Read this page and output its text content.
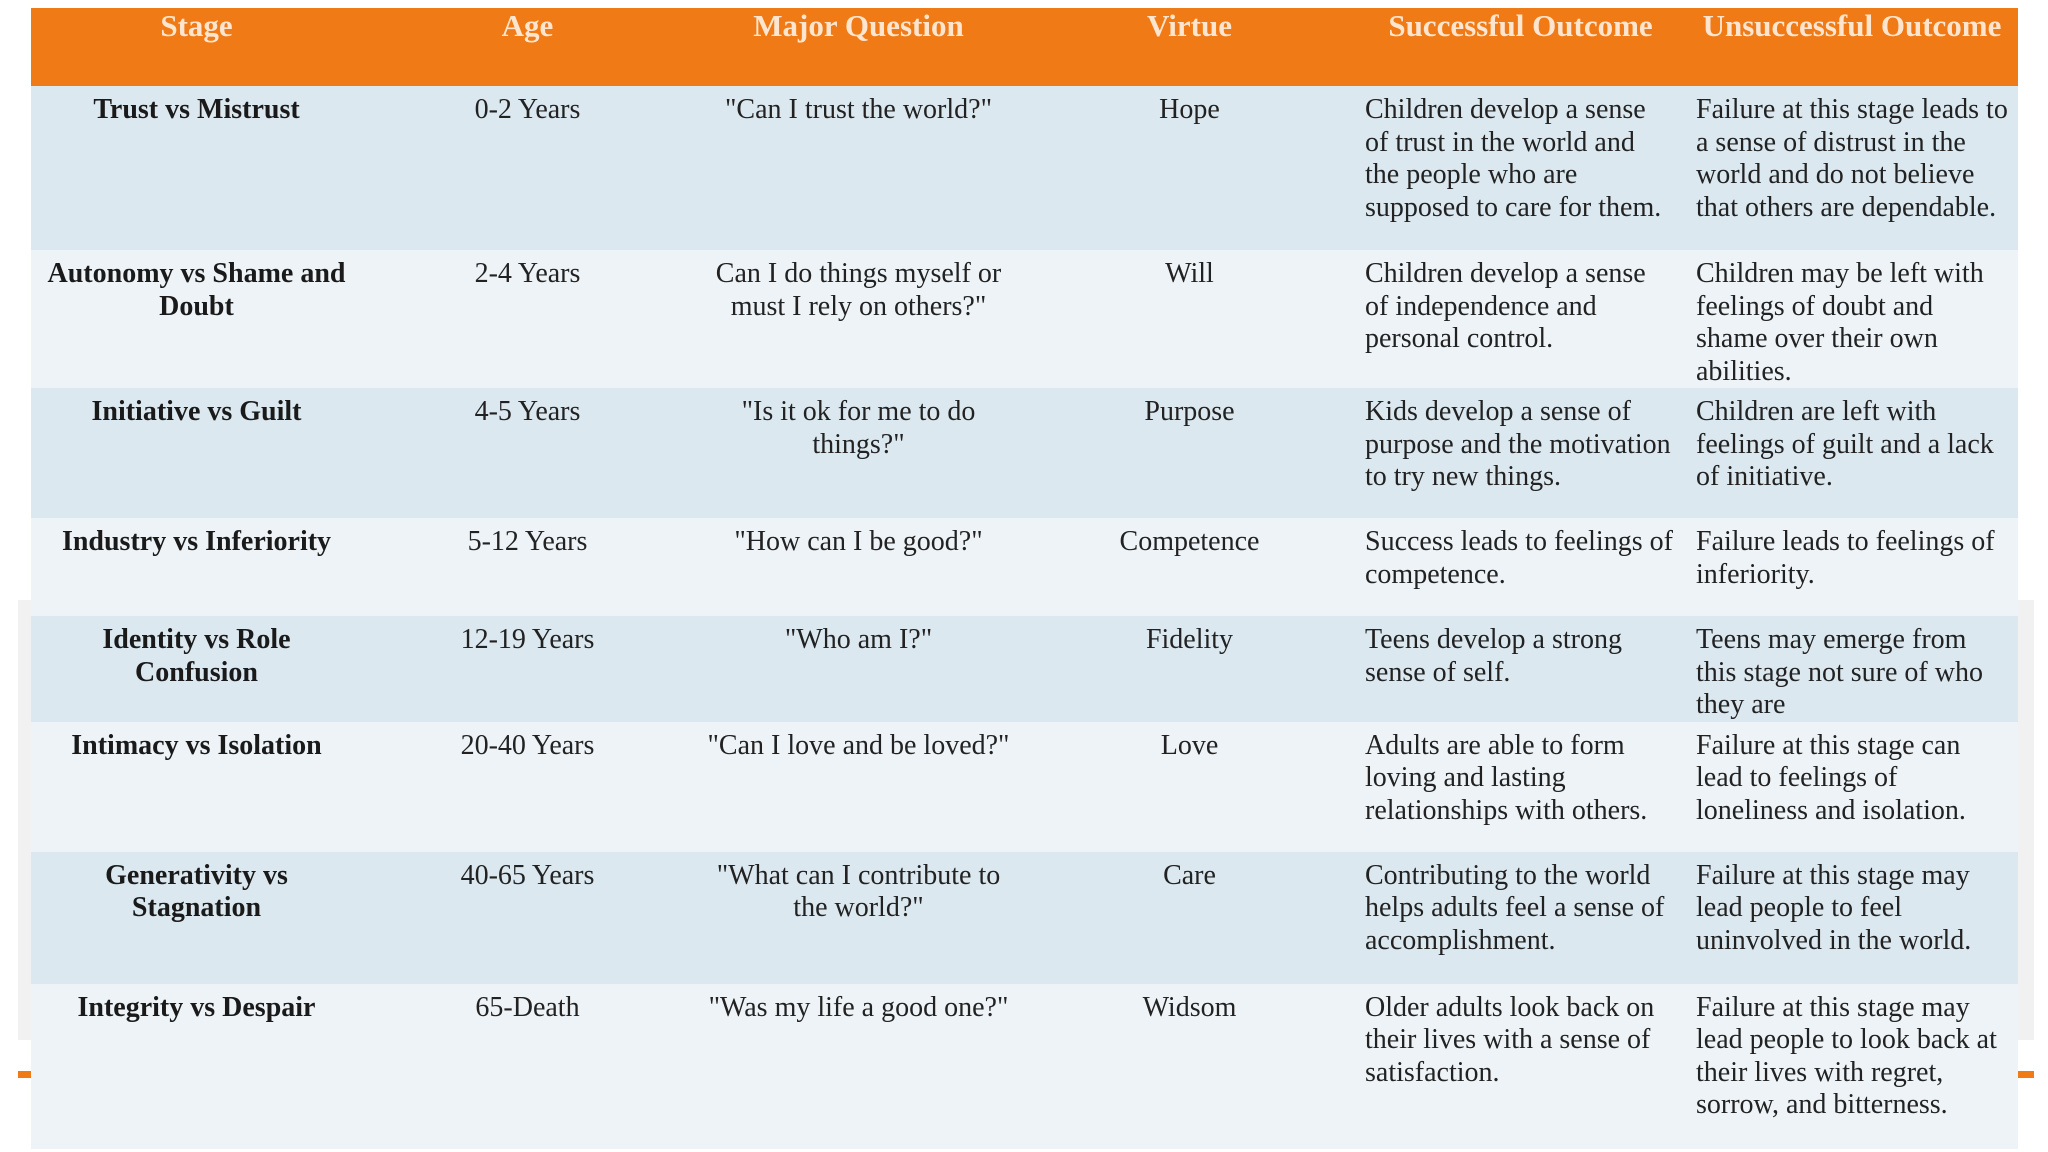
Stage	Age	Major Question	Virtue	Successful Outcome	Unsuccessful Outcome
Trust vs Mistrust	0-2 Years	"Can I trust the world?"	Hope	Children develop a sense of trust in the world and the people who are supposed to care for them.	Failure at this stage leads to a sense of distrust in the world and do not believe that others are dependable.
Autonomy vs Shame and Doubt	2-4 Years	Can I do things myself or must I rely on others?"	Will	Children develop a sense of independence and personal control.	Children may be left with feelings of doubt and shame over their own abilities.
Initiative vs Guilt	4-5 Years	"Is it ok for me to do things?"	Purpose	Kids develop a sense of purpose and the motivation to try new things.	Children are left with feelings of guilt and a lack of initiative.
Industry vs Inferiority	5-12 Years	"How can I be good?"	Competence	Success leads to feelings of competence.	Failure leads to feelings of inferiority.
Identity vs Role Confusion	12-19 Years	"Who am I?"	Fidelity	Teens develop a strong sense of self.	Teens may emerge from this stage not sure of who they are
Intimacy vs Isolation	20-40 Years	"Can I love and be loved?"	Love	Adults are able to form loving and lasting relationships with others.	Failure at this stage can lead to feelings of loneliness and isolation.
Generativity vs Stagnation	40-65 Years	"What can I contribute to the world?"	Care	Contributing to the world helps adults feel a sense of accomplishment.	Failure at this stage may lead people to feel uninvolved in the world.
Integrity vs Despair	65-Death	"Was my life a good one?"	Widsom	Older adults look back on their lives with a sense of satisfaction.	Failure at this stage may lead people to look back at their lives with regret, sorrow, and bitterness.
